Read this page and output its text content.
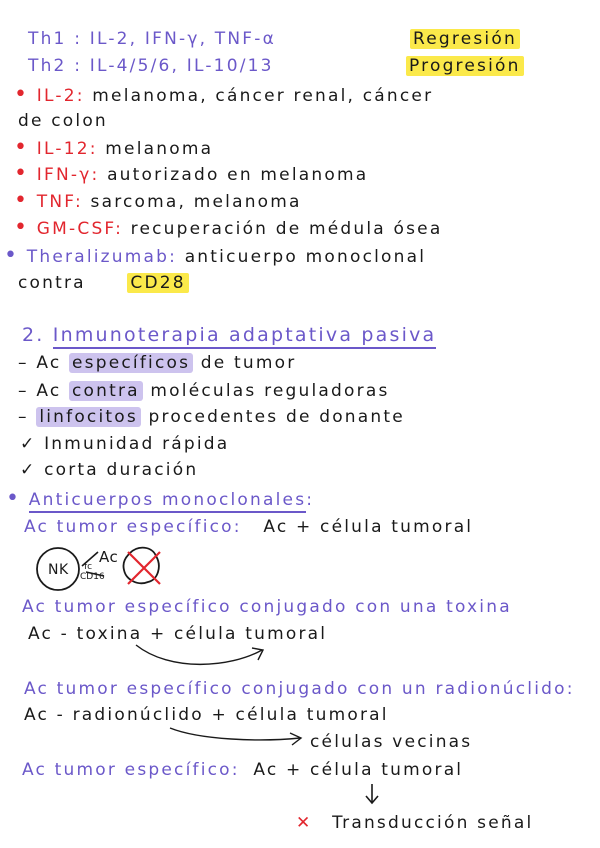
Th1 : IL-2, IFN-γ, TNF-α	Regresión
Th2 : IL-4/5/6, IL-10/13	Progresión
• IL-2: melanoma, cáncer renal, cáncer
de colon
• IL-12: melanoma
• IFN-γ: autorizado en melanoma
• TNF: sarcoma, melanoma
• GM-CSF: recuperación de médula ósea
• Theralizumab: anticuerpo monoclonal
contra	CD28
2. Inmunoterapia adaptativa pasiva
– Ac específicos de tumor
– Ac contra moléculas reguladoras
– linfocitos procedentes de donante
✓ Inmunidad rápida
✓ corta duración
• Anticuerpos monoclonales:
Ac tumor específico: Ac + célula tumoral
NK
Ac
fc
CD16
Ac tumor específico conjugado con una toxina
Ac - toxina + célula tumoral
Ac tumor específico conjugado con un radionúclido:
Ac - radionúclido + célula tumoral
células vecinas
Ac tumor específico: Ac + célula tumoral
✕ Transducción señal
